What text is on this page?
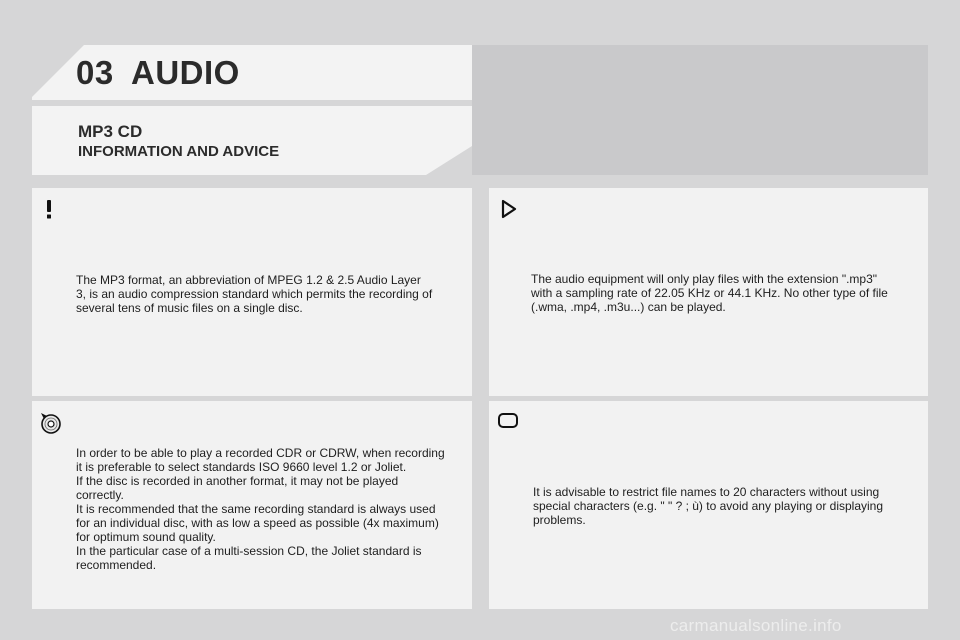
03 AUDIO
MP3 CD
INFORMATION AND ADVICE
The MP3 format, an abbreviation of MPEG 1.2 & 2.5 Audio Layer
3, is an audio compression standard which permits the recording of
several tens of music files on a single disc.
The audio equipment will only play files with the extension ".mp3"
with a sampling rate of 22.05 KHz or 44.1 KHz. No other type of file
(.wma, .mp4, .m3u...) can be played.
In order to be able to play a recorded CDR or CDRW, when recording
it is preferable to select standards ISO 9660 level 1.2 or Joliet.
If the disc is recorded in another format, it may not be played
correctly.
It is recommended that the same recording standard is always used
for an individual disc, with as low a speed as possible (4x maximum)
for optimum sound quality.
In the particular case of a multi-session CD, the Joliet standard is
recommended.
It is advisable to restrict file names to 20 characters without using
special characters (e.g. " " ? ; ù) to avoid any playing or displaying
problems.
carmanualsonline.info
